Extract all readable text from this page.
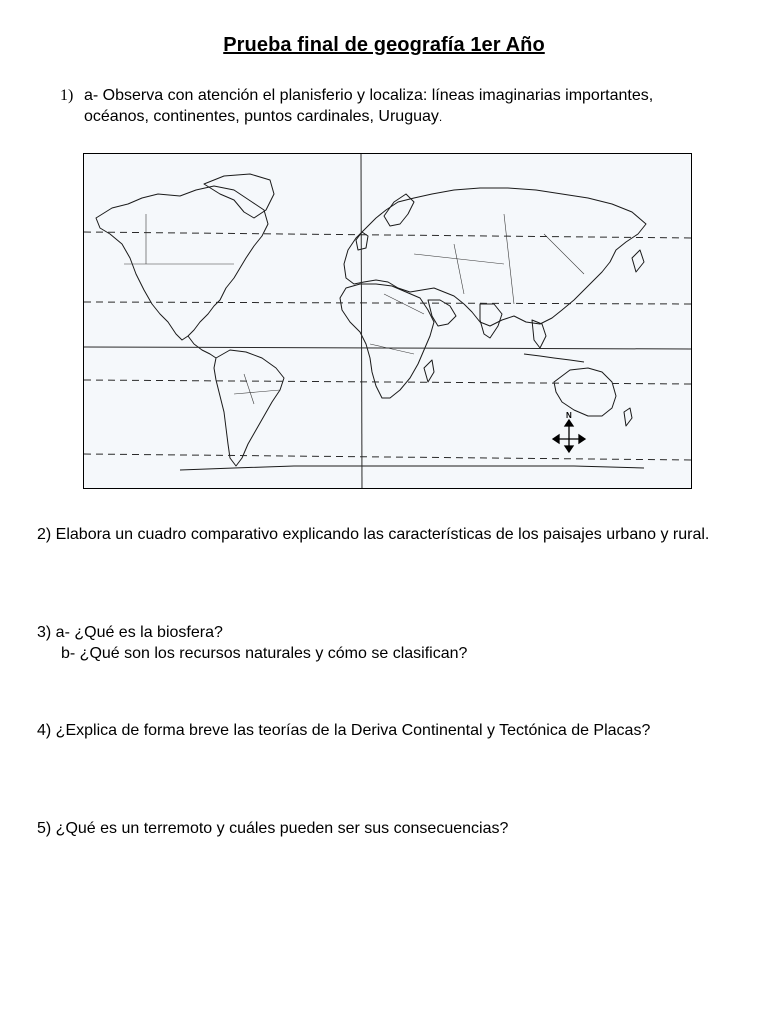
Prueba final de geografía 1er Año
1) a- Observa con atención el planisferio y localiza: líneas imaginarias importantes,
océanos, continentes, puntos cardinales, Uruguay.
N
2) Elabora un cuadro comparativo explicando las características de los paisajes urbano y rural.
3) a- ¿Qué es la biosfera?
b- ¿Qué son los recursos naturales y cómo se clasifican?
4) ¿Explica de forma breve las teorías de la Deriva Continental y Tectónica de Placas?
5) ¿Qué es un terremoto y cuáles pueden ser sus consecuencias?
